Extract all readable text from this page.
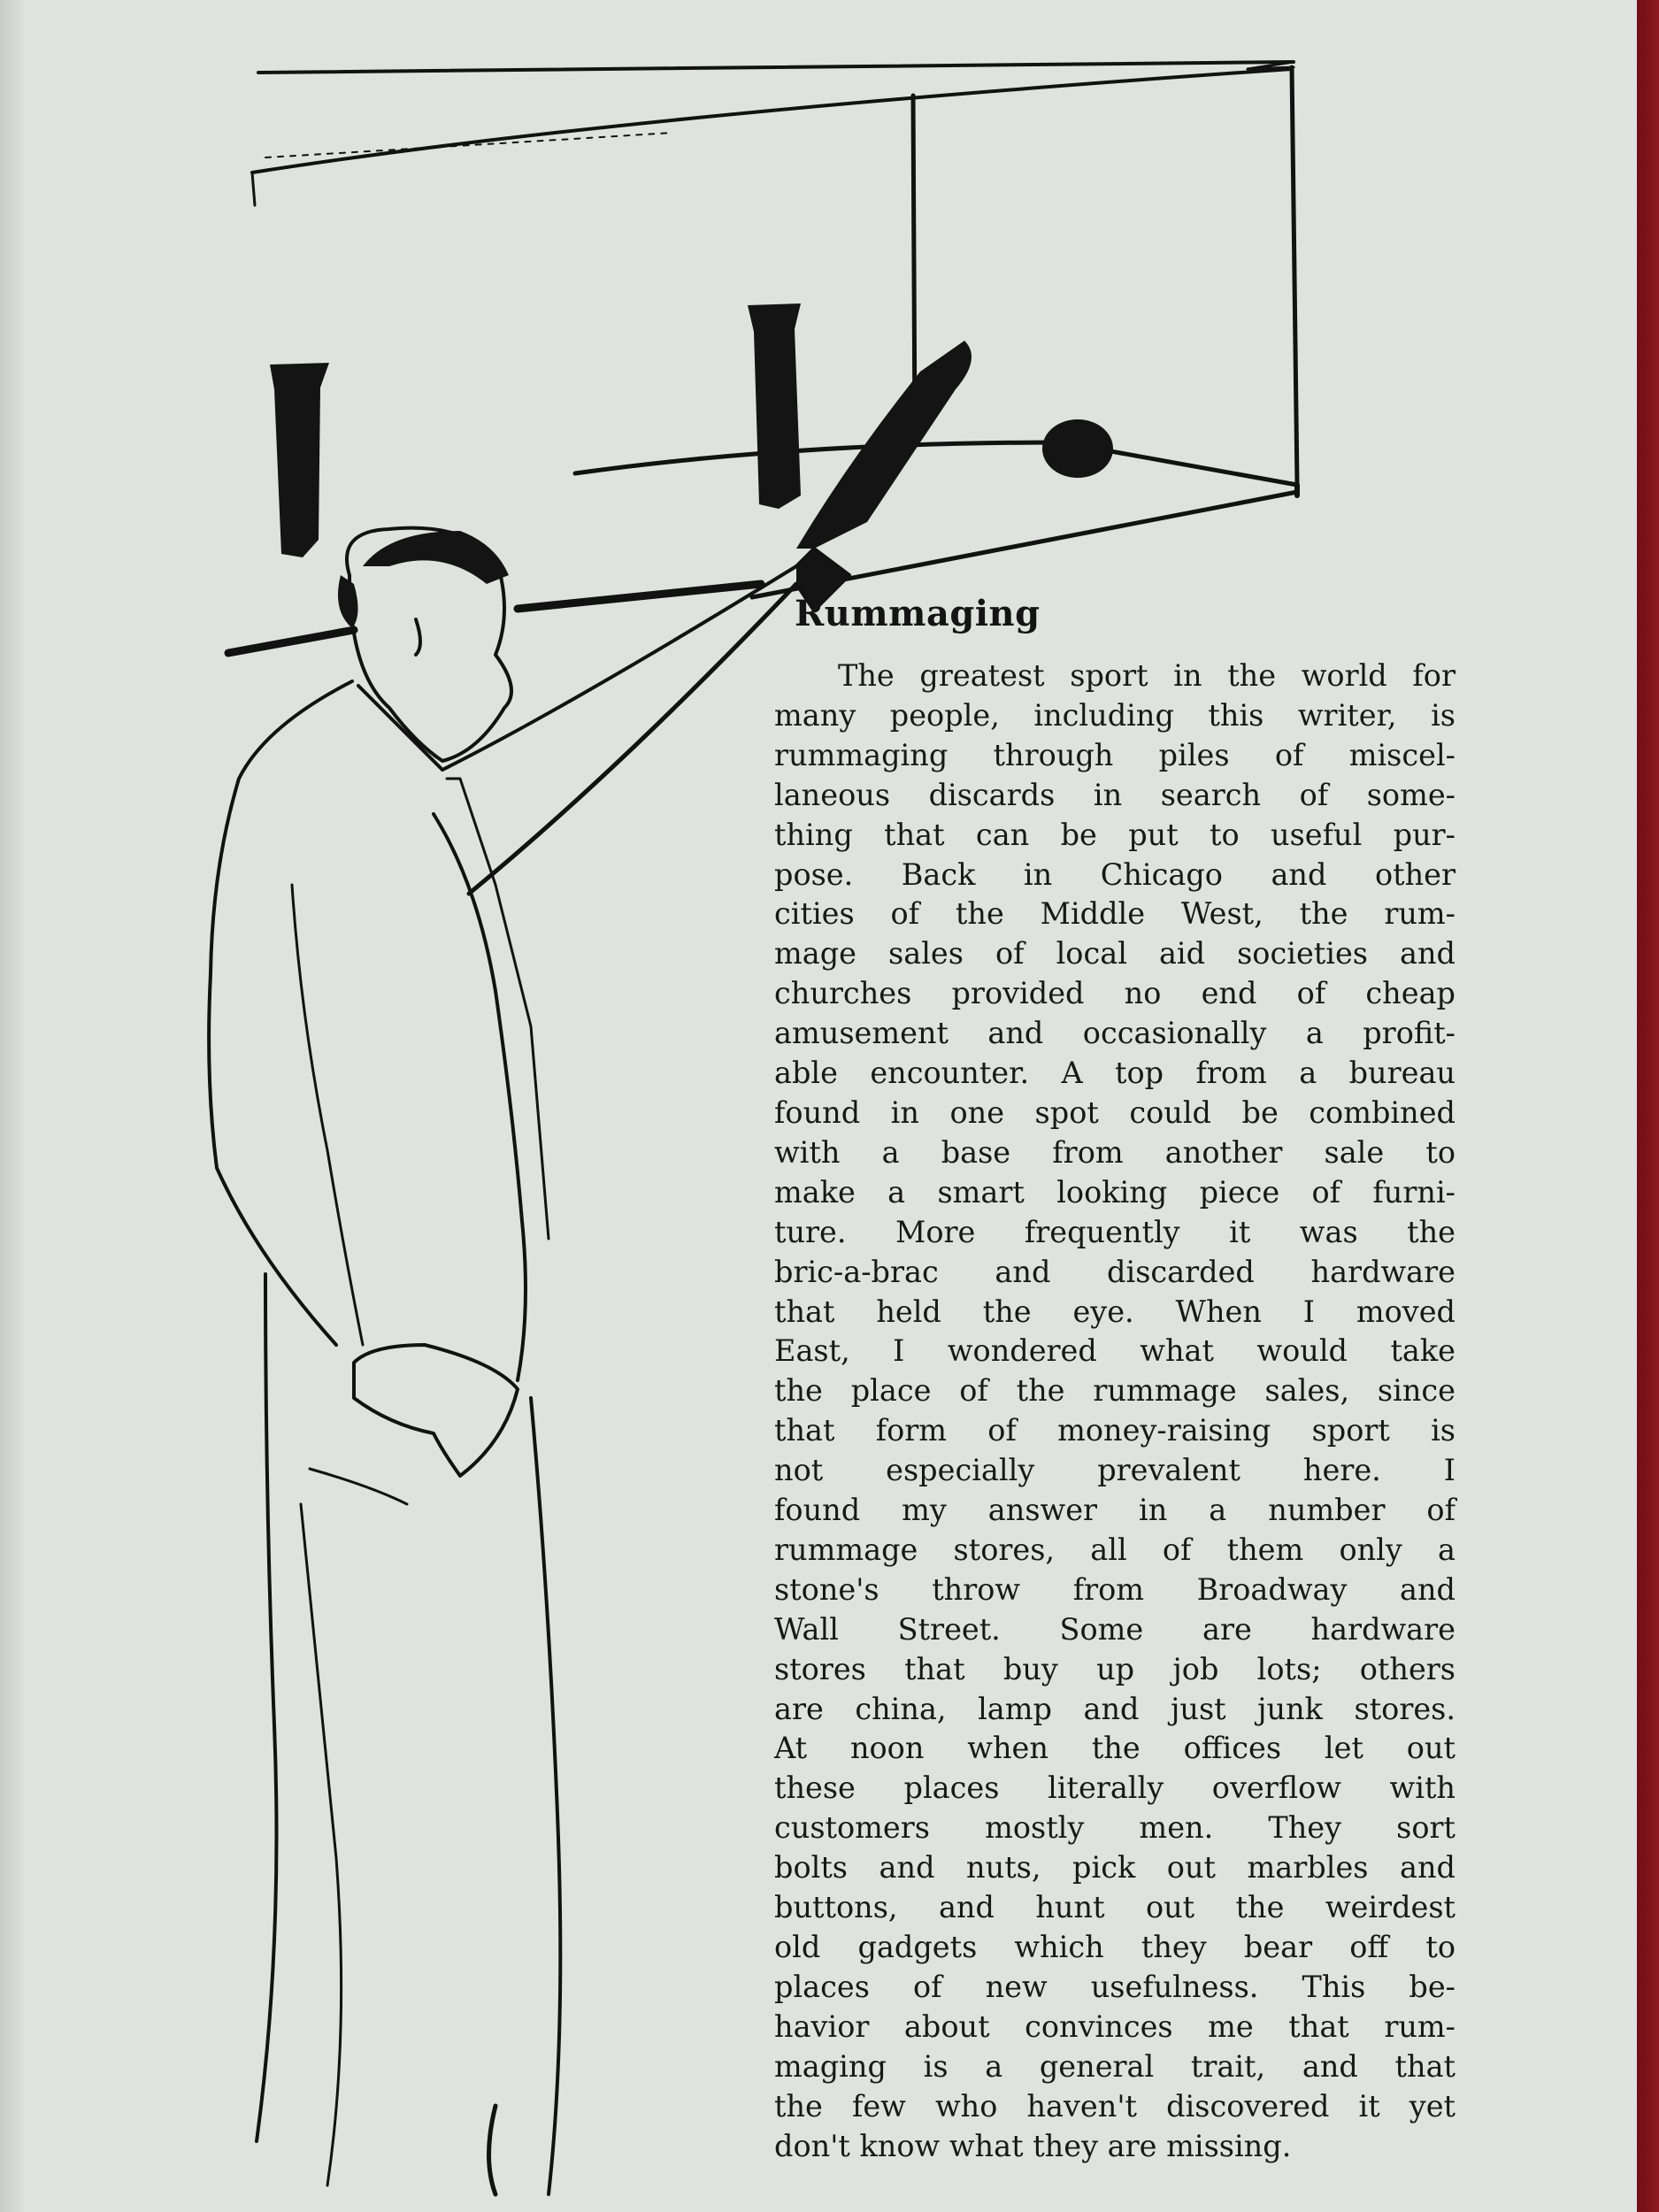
Rummaging
The greatest sport in the world for
many people, including this writer, is
rummaging through piles of miscel-
laneous discards in search of some-
thing that can be put to useful pur-
pose. Back in Chicago and other
cities of the Middle West, the rum-
mage sales of local aid societies and
churches provided no end of cheap
amusement and occasionally a profit-
able encounter. A top from a bureau
found in one spot could be combined
with a base from another sale to
make a smart looking piece of furni-
ture. More frequently it was the
bric-a-brac and discarded hardware
that held the eye. When I moved
East, I wondered what would take
the place of the rummage sales, since
that form of money-raising sport is
not especially prevalent here. I
found my answer in a number of
rummage stores, all of them only a
stone's throw from Broadway and
Wall Street. Some are hardware
stores that buy up job lots; others
are china, lamp and just junk stores.
At noon when the offices let out
these places literally overflow with
customers mostly men. They sort
bolts and nuts, pick out marbles and
buttons, and hunt out the weirdest
old gadgets which they bear off to
places of new usefulness. This be-
havior about convinces me that rum-
maging is a general trait, and that
the few who haven't discovered it yet
don't know what they are missing.
